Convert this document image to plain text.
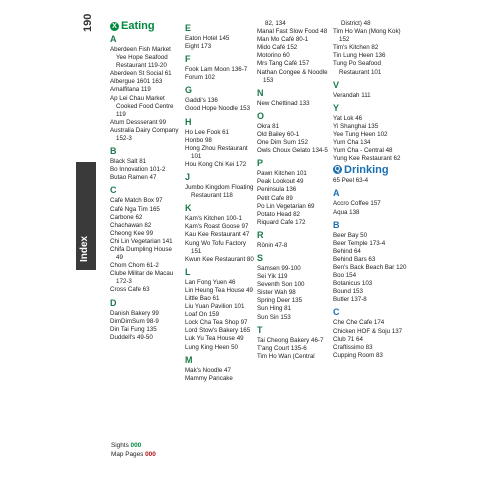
190
Index
X Eating
A
Aberdeen Fish Market Yee Hope Seafood Restaurant 119-20
Aberdeen St Social 61
Albergue 1601 163
Amalfitana 119
Ap Lei Chau Market Cooked Food Centre 119
Atum Dessserant 99
Australia Dairy Company 152-3
B
Black Salt 81
Bo Innovation 101-2
Butao Ramen 47
C
Cafe Match Box 97
Café Nga Tim 165
Carbone 62
Chachawan 82
Cheong Kee 99
Chi Lin Vegetarian 141
Chifa Dumpling House 49
Chom Chom 61-2
Clube Militar de Macau 172-3
Cross Cafe 63
D
Danish Bakery 99
DimDimSum 98-9
Din Tai Fung 135
Duddell's 49-50
E
Eaton Hotel 145
Eight 173
F
Fook Lam Moon 136-7
Forum 102
G
Gaddi's 136
Good Hope Noodle 153
H
Ho Lee Fook 61
Honbo 98
Hong Zhou Restaurant 101
Hou Kong Chi Kei 172
J
Jumbo Kingdom Floating Restaurant 118
K
Kam's Kitchen 100-1
Kam's Roast Goose 97
Kau Kee Restaurant 47
Kung Wo Tofu Factory 151
Kwun Kee Restaurant 80
L
Lan Fong Yuen 46
Lin Heung Tea House 49
Little Bao 61
Liu Yuan Pavilion 101
Loaf On 159
Lock Cha Tea Shop 97
Lord Stow's Bakery 165
Luk Yu Tea House 49
Lung King Heen 50
M
Mak's Noodle 47
Mammy Pancake
82, 134
Manal Fast Slow Food 48
Man Mo Café 80-1
Mido Café 152
Motorino 60
Mrs Tang Café 157
Nathan Congee & Noodle 153
N
New Chettinad 133
O
Okra 81
Old Bailey 60-1
One Dim Sum 152
Owls Choux Gelato 134-5
P
Pawn Kitchen 101
Peak Lookout 49
Peninsula 136
Petit Cafe 89
Po Lin Vegetarian 69
Potato Head 82
Riquard Cafe 172
R
Rōnin 47-8
S
Samsen 99-100
Sei Yik 119
Seventh Son 100
Sister Wah 98
Spring Deer 135
Sun Hing 81
Sun Sin 153
T
Tai Cheong Bakery 46-7
T'ang Court 135-6
Tim Ho Wan (Central
District) 48
Tim Ho Wan (Mong Kok) 152
Tim's Kitchen 82
Tin Lung Heen 136
Tung Po Seafood Restaurant 101
V
Verandah 111
Y
Yat Lok 46
Yi Shanghai 135
Yee Tung Heen 102
Yum Cha 134
Yum Cha - Central 48
Yung Kee Restaurant 62
Q Drinking
65 Peel 63-4
A
Accro Coffee 157
Aqua 138
B
Beer Bay 50
Beer Temple 173-4
Behind 64
Behind Bars 63
Ben's Back Beach Bar 120
Boo 154
Botanicus 103
Bound 153
Butler 137-8
C
Che Che Cafe 174
Chicken HOF & Soju 137
Club 71 64
Craftissimo 83
Cupping Room 83
Sights 000
Map Pages 000
